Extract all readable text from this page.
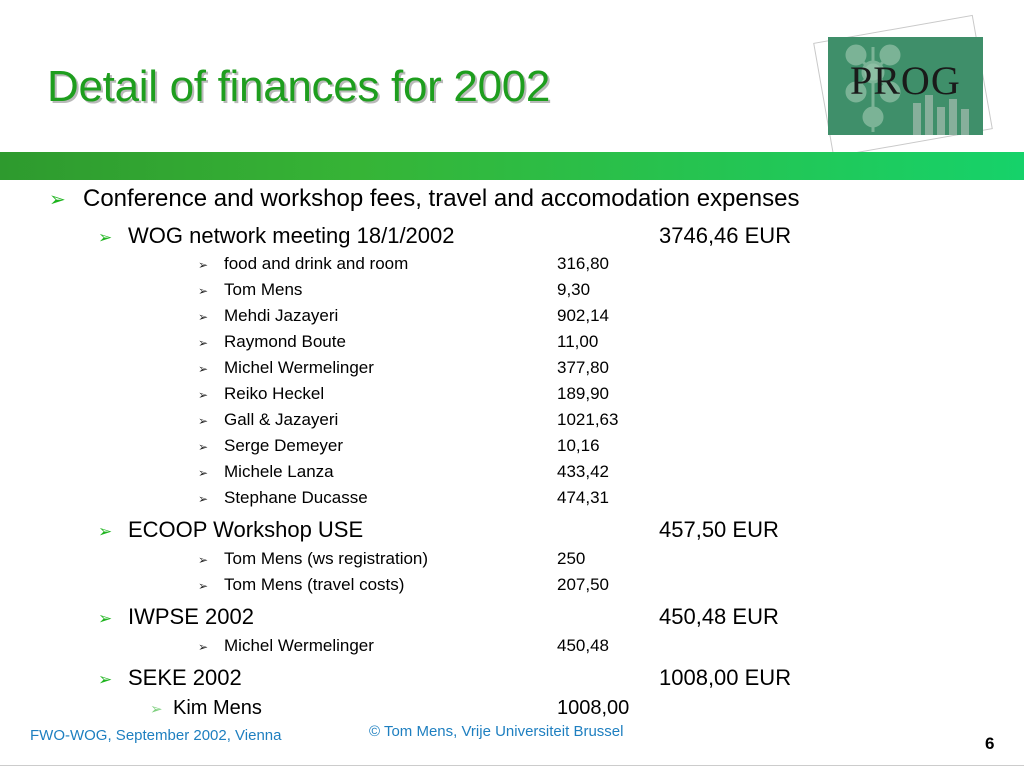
Detail of finances for 2002	PROG
➢ Conference and workshop fees, travel and accomodation expenses
➢ WOG network meeting 18/1/2002	3746,46 EUR
➢ food and drink and room	316,80
➢ Tom Mens	9,30
➢ Mehdi Jazayeri	902,14
➢ Raymond Boute	11,00
➢ Michel Wermelinger	377,80
➢ Reiko Heckel	189,90
➢ Gall & Jazayeri	1021,63
➢ Serge Demeyer	10,16
➢ Michele Lanza	433,42
➢ Stephane Ducasse	474,31
➢ ECOOP Workshop USE	457,50 EUR
➢ Tom Mens (ws registration)	250
➢ Tom Mens (travel costs)	207,50
➢ IWPSE 2002	450,48 EUR
➢ Michel Wermelinger	450,48
➢ SEKE 2002	1008,00 EUR
➢ Kim Mens	1008,00
FWO-WOG, September 2002, Vienna	© Tom Mens, Vrije Universiteit Brussel
6
